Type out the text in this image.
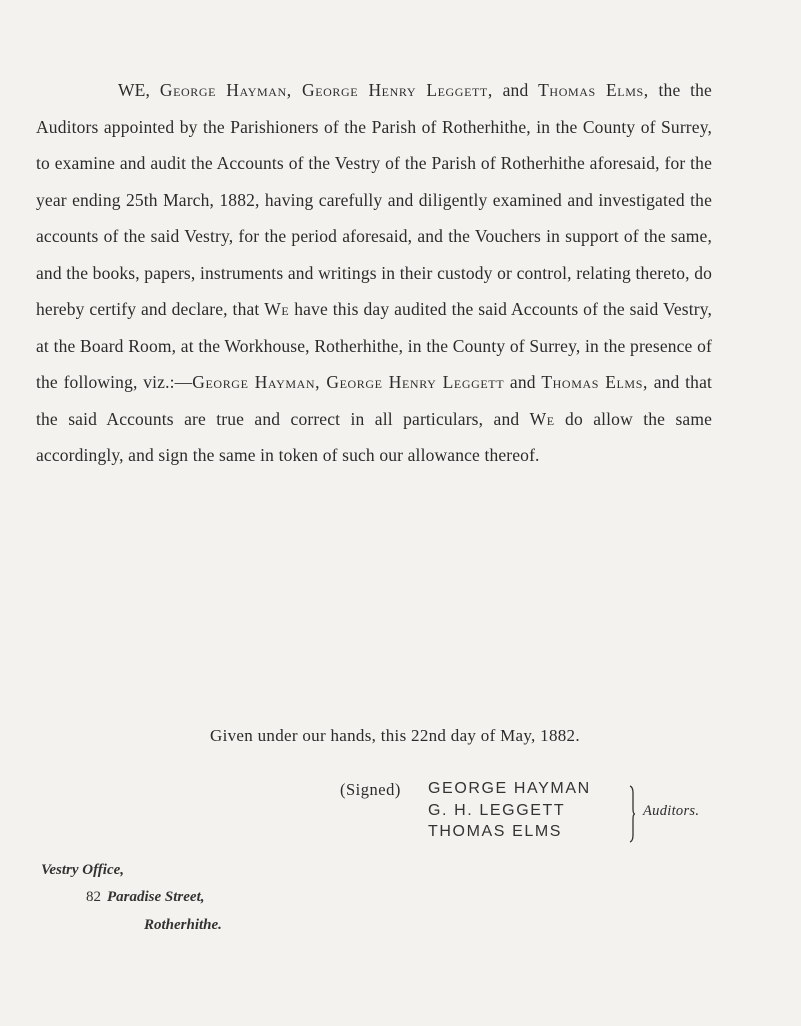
WE, George Hayman, George Henry Leggett, and Thomas Elms, the the Auditors appointed by the Parishioners of the Parish of Rotherhithe, in the County of Surrey, to examine and audit the Accounts of the Vestry of the Parish of Rotherhithe aforesaid, for the year ending 25th March, 1882, having carefully and diligently examined and investigated the accounts of the said Vestry, for the period aforesaid, and the Vouchers in support of the same, and the books, papers, instruments and writings in their custody or control, relating thereto, do hereby certify and declare, that We have this day audited the said Accounts of the said Vestry, at the Board Room, at the Workhouse, Rotherhithe, in the County of Surrey, in the presence of the following, viz.:—George Hayman, George Henry Leggett and Thomas Elms, and that the said Accounts are true and correct in all particulars, and We do allow the same accordingly, and sign the same in token of such our allowance thereof.

Given under our hands, this 22nd day of May, 1882.
(Signed) GEORGE HAYMAN
G. H. LEGGETT
THOMAS ELMS
Auditors.
Vestry Office,
82 Paradise Street,
Rotherhithe.
